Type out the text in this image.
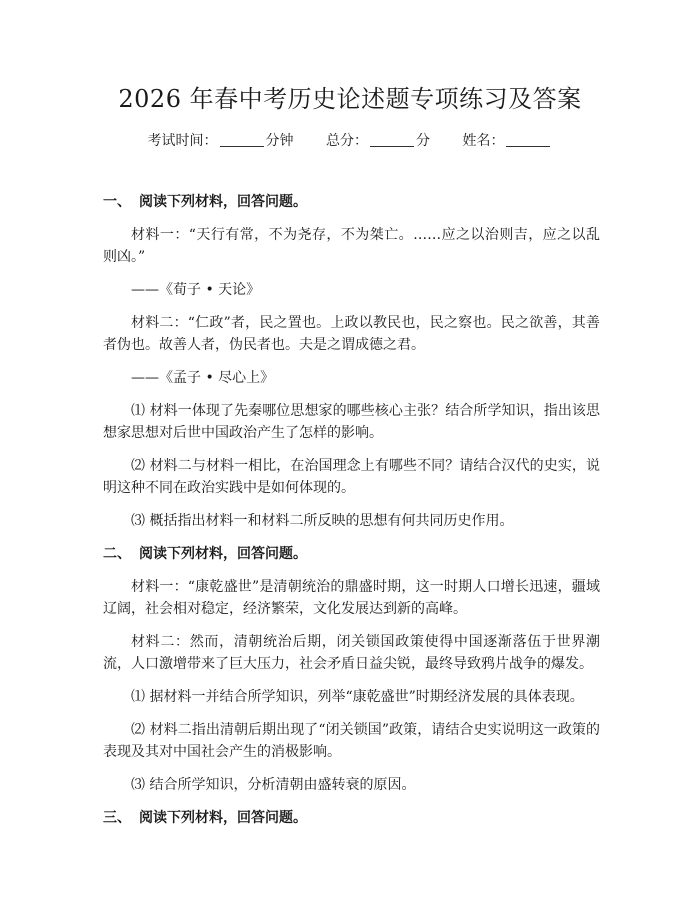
2026 年春中考历史论述题专项练习及答案
考试时间：	分钟 总分：	分 姓名：
一、 阅读下列材料，回答问题。
材料一：“天行有常，不为尧存，不为桀亡。……应之以治则吉，应之以乱则凶。”
——《荀子 • 天论》
材料二：“仁政”者，民之置也。上政以教民也，民之察也。民之欲善，其善者伪也。故善人者，伪民者也。夫是之谓成德之君。
——《孟子 • 尽心上》
⑴ 材料一体现了先秦哪位思想家的哪些核心主张？结合所学知识，指出该思想家思想对后世中国政治产生了怎样的影响。
⑵ 材料二与材料一相比，在治国理念上有哪些不同？请结合汉代的史实，说明这种不同在政治实践中是如何体现的。
⑶ 概括指出材料一和材料二所反映的思想有何共同历史作用。
二、 阅读下列材料，回答问题。
材料一：“康乾盛世”是清朝统治的鼎盛时期，这一时期人口增长迅速，疆域辽阔，社会相对稳定，经济繁荣，文化发展达到新的高峰。
材料二：然而，清朝统治后期，闭关锁国政策使得中国逐渐落伍于世界潮流，人口激增带来了巨大压力，社会矛盾日益尖锐，最终导致鸦片战争的爆发。
⑴ 据材料一并结合所学知识，列举“康乾盛世”时期经济发展的具体表现。
⑵ 材料二指出清朝后期出现了“闭关锁国”政策，请结合史实说明这一政策的表现及其对中国社会产生的消极影响。
⑶ 结合所学知识，分析清朝由盛转衰的原因。
三、 阅读下列材料，回答问题。
